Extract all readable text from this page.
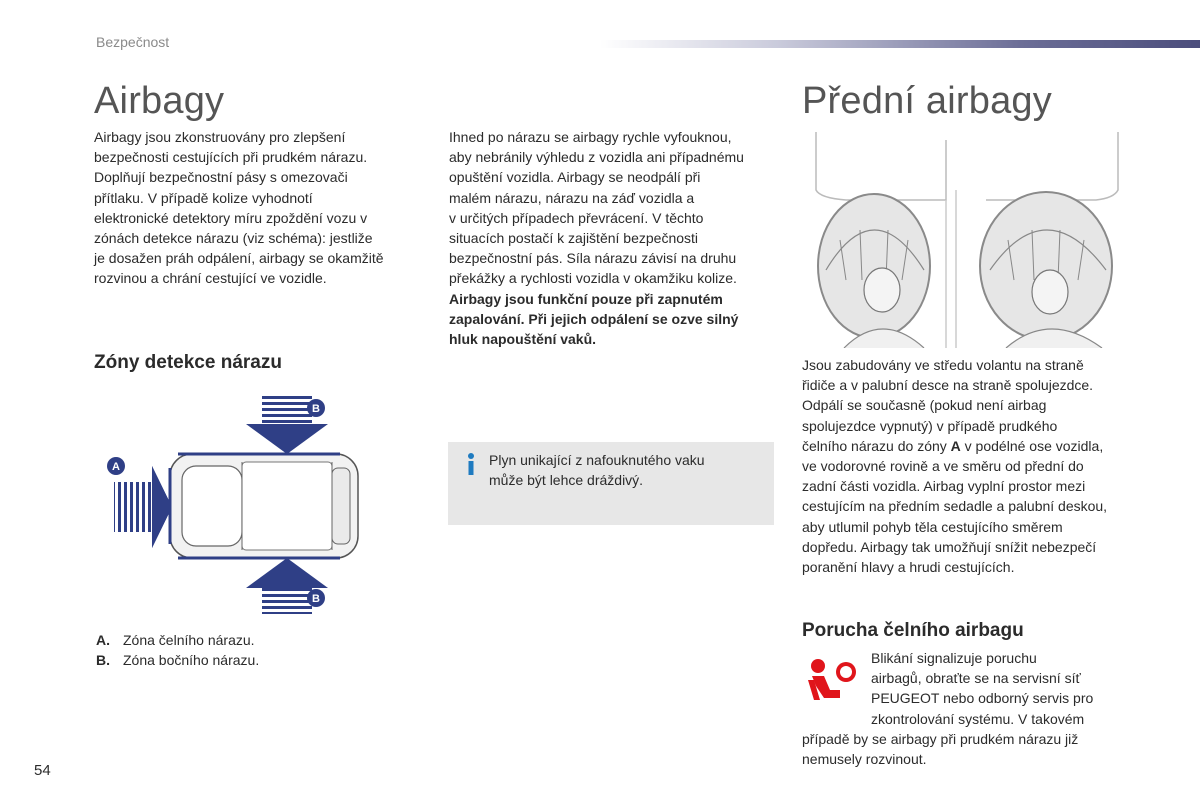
Bezpečnost
Airbagy
Airbagy jsou zkonstruovány pro zlepšení
bezpečnosti cestujících při prudkém nárazu.
Doplňují bezpečnostní pásy s omezovači
přítlaku. V případě kolize vyhodnotí
elektronické detektory míru zpoždění vozu v
zónách detekce nárazu (viz schéma): jestliže
je dosažen práh odpálení, airbagy se okamžitě
rozvinou a chrání cestující ve vozidle.
Zóny detekce nárazu
A
B
B
A. Zóna čelního nárazu.
B. Zóna bočního nárazu.
Ihned po nárazu se airbagy rychle vyfouknou,
aby nebránily výhledu z vozidla ani případnému
opuštění vozidla. Airbagy se neodpálí při
malém nárazu, nárazu na záď vozidla a
v určitých případech převrácení. V těchto
situacích postačí k zajištění bezpečnosti
bezpečnostní pás. Síla nárazu závisí na druhu
překážky a rychlosti vozidla v okamžiku kolize.
Airbagy jsou funkční pouze při zapnutém
zapalování. Při jejich odpálení se ozve silný
hluk napouštění vaků.
Plyn unikající z nafouknutého vaku
může být lehce dráždivý.
Přední airbagy
Jsou zabudovány ve středu volantu na straně
řidiče a v palubní desce na straně spolujezdce.
Odpálí se současně (pokud není airbag
spolujezdce vypnutý) v případě prudkého
čelního nárazu do zóny A v podélné ose vozidla,
ve vodorovné rovině a ve směru od přední do
zadní části vozidla. Airbag vyplní prostor mezi
cestujícím na předním sedadle a palubní deskou,
aby utlumil pohyb těla cestujícího směrem
dopředu. Airbagy tak umožňují snížit nebezpečí
poranění hlavy a hrudi cestujících.
Porucha čelního airbagu
Blikání signalizuje poruchu
airbagů, obraťte se na servisní síť
PEUGEOT nebo odborný servis pro
zkontrolování systému. V takovém
případě by se airbagy při prudkém nárazu již
nemusely rozvinout.
54
